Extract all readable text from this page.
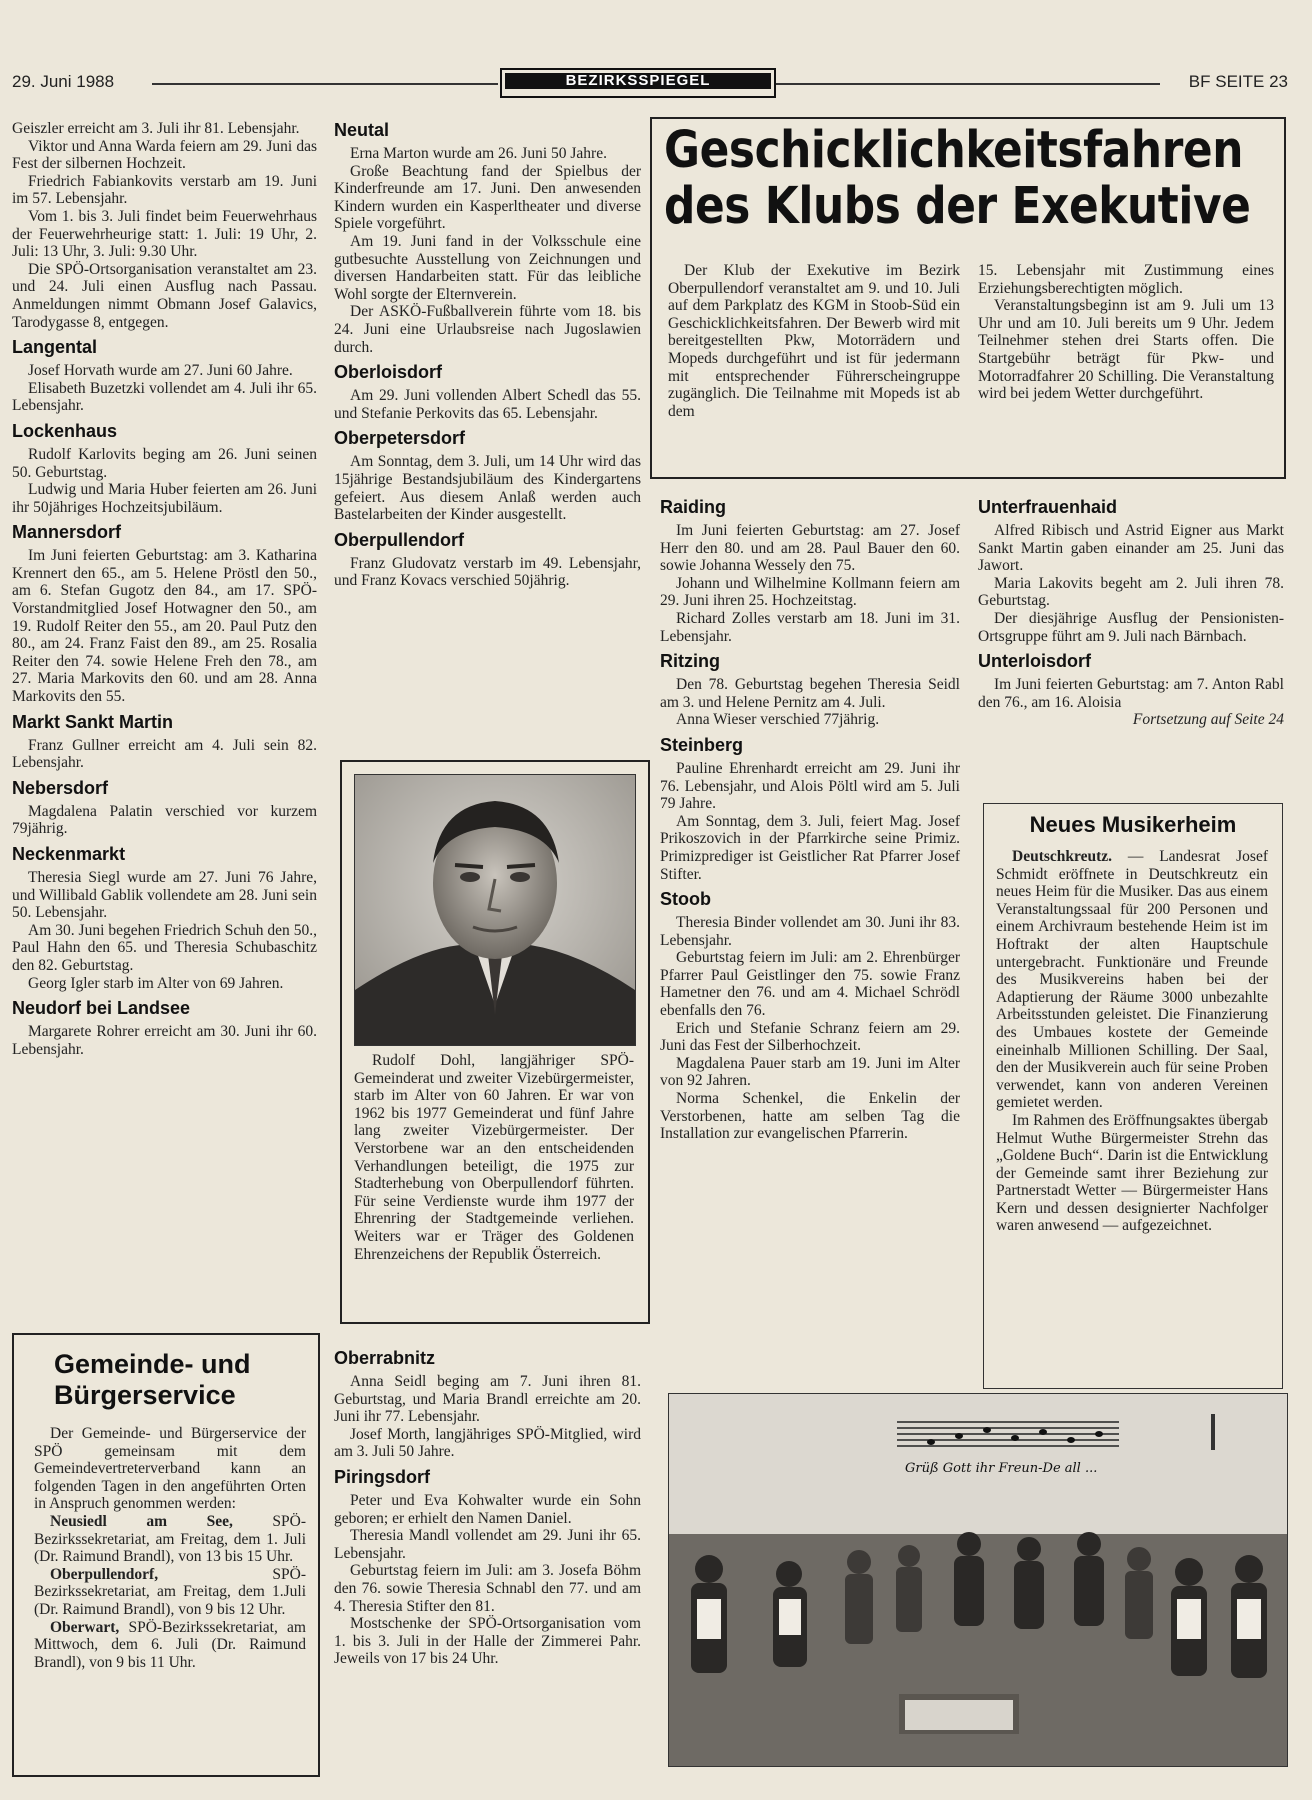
29. Juni 1988	BEZIRKSSPIEGEL	BF SEITE 23

Geiszler erreicht am 3. Juli ihr 81. Lebensjahr.

Viktor und Anna Warda feiern am 29. Juni das Fest der silbernen Hochzeit.

Friedrich Fabiankovits verstarb am 19. Juni im 57. Lebensjahr.

Vom 1. bis 3. Juli findet beim Feuerwehrhaus der Feuerwehrheurige statt: 1. Juli: 19 Uhr, 2. Juli: 13 Uhr, 3. Juli: 9.30 Uhr.

Die SPÖ-Ortsorganisation veranstaltet am 23. und 24. Juli einen Ausflug nach Passau. Anmeldungen nimmt Obmann Josef Galavics, Tarodygasse 8, entgegen.

Langental

Josef Horvath wurde am 27. Juni 60 Jahre.

Elisabeth Buzetzki vollendet am 4. Juli ihr 65. Lebensjahr.

Lockenhaus

Rudolf Karlovits beging am 26. Juni seinen 50. Geburtstag.

Ludwig und Maria Huber feierten am 26. Juni ihr 50jähriges Hochzeitsjubiläum.

Mannersdorf

Im Juni feierten Geburtstag: am 3. Katharina Krennert den 65., am 5. Helene Pröstl den 50., am 6. Stefan Gugotz den 84., am 17. SPÖ-Vorstandmitglied Josef Hotwagner den 50., am 19. Rudolf Reiter den 55., am 20. Paul Putz den 80., am 24. Franz Faist den 89., am 25. Rosalia Reiter den 74. sowie Helene Freh den 78., am 27. Maria Markovits den 60. und am 28. Anna Markovits den 55.

Markt Sankt Martin

Franz Gullner erreicht am 4. Juli sein 82. Lebensjahr.

Nebersdorf

Magdalena Palatin verschied vor kurzem 79jährig.

Neckenmarkt

Theresia Siegl wurde am 27. Juni 76 Jahre, und Willibald Gablik vollendete am 28. Juni sein 50. Lebensjahr.

Am 30. Juni begehen Friedrich Schuh den 50., Paul Hahn den 65. und Theresia Schubaschitz den 82. Geburtstag.

Georg Igler starb im Alter von 69 Jahren.

Neudorf bei Landsee

Margarete Rohrer erreicht am 30. Juni ihr 60. Lebensjahr.

Gemeinde- und
Bürgerservice

Der Gemeinde- und Bürgerservice der SPÖ gemeinsam mit dem Gemeindevertreterverband kann an folgenden Tagen in den angeführten Orten in Anspruch genommen werden:

Neusiedl am See, SPÖ-Bezirkssekretariat, am Freitag, dem 1. Juli (Dr. Raimund Brandl), von 13 bis 15 Uhr.

Oberpullendorf, SPÖ-Bezirkssekretariat, am Freitag, dem 1.Juli (Dr. Raimund Brandl), von 9 bis 12 Uhr.

Oberwart, SPÖ-Bezirkssekretariat, am Mittwoch, dem 6. Juli (Dr. Raimund Brandl), von 9 bis 11 Uhr.

Neutal

Erna Marton wurde am 26. Juni 50 Jahre.

Große Beachtung fand der Spielbus der Kinderfreunde am 17. Juni. Den anwesenden Kindern wurden ein Kasperltheater und diverse Spiele vorgeführt.

Am 19. Juni fand in der Volksschule eine gutbesuchte Ausstellung von Zeichnungen und diversen Handarbeiten statt. Für das leibliche Wohl sorgte der Elternverein.

Der ASKÖ-Fußballverein führte vom 18. bis 24. Juni eine Urlaubsreise nach Jugoslawien durch.

Oberloisdorf

Am 29. Juni vollenden Albert Schedl das 55. und Stefanie Perkovits das 65. Lebensjahr.

Oberpetersdorf

Am Sonntag, dem 3. Juli, um 14 Uhr wird das 15jährige Bestandsjubiläum des Kindergartens gefeiert. Aus diesem Anlaß werden auch Bastelarbeiten der Kinder ausgestellt.

Oberpullendorf

Franz Gludovatz verstarb im 49. Lebensjahr, und Franz Kovacs verschied 50jährig.

Rudolf Dohl, langjähriger SPÖ-Gemeinderat und zweiter Vizebürgermeister, starb im Alter von 60 Jahren. Er war von 1962 bis 1977 Gemeinderat und fünf Jahre lang zweiter Vizebürgermeister. Der Verstorbene war an den entscheidenden Verhandlungen beteiligt, die 1975 zur Stadterhebung von Oberpullendorf führten. Für seine Verdienste wurde ihm 1977 der Ehrenring der Stadtgemeinde verliehen. Weiters war er Träger des Goldenen Ehrenzeichens der Republik Österreich.

Oberrabnitz

Anna Seidl beging am 7. Juni ihren 81. Geburtstag, und Maria Brandl erreichte am 20. Juni ihr 77. Lebensjahr.

Josef Morth, langjähriges SPÖ-Mitglied, wird am 3. Juli 50 Jahre.

Piringsdorf

Peter und Eva Kohwalter wurde ein Sohn geboren; er erhielt den Namen Daniel.

Theresia Mandl vollendet am 29. Juni ihr 65. Lebensjahr.

Geburtstag feiern im Juli: am 3. Josefa Böhm den 76. sowie Theresia Schnabl den 77. und am 4. Theresia Stifter den 81.

Mostschenke der SPÖ-Ortsorganisation vom 1. bis 3. Juli in der Halle der Zimmerei Pahr. Jeweils von 17 bis 24 Uhr.

Geschicklichkeitsfahren
des Klubs der Exekutive

Der Klub der Exekutive im Bezirk Oberpullendorf veranstaltet am 9. und 10. Juli auf dem Parkplatz des KGM in Stoob-Süd ein Geschicklichkeitsfahren. Der Bewerb wird mit bereitgestellten Pkw, Motorrädern und Mopeds durchgeführt und ist für jedermann mit entsprechender Führerscheingruppe zugänglich. Die Teilnahme mit Mopeds ist ab dem

15. Lebensjahr mit Zustimmung eines Erziehungsberechtigten möglich.

Veranstaltungsbeginn ist am 9. Juli um 13 Uhr und am 10. Juli bereits um 9 Uhr. Jedem Teilnehmer stehen drei Starts offen. Die Startgebühr beträgt für Pkw- und Motorradfahrer 20 Schilling. Die Veranstaltung wird bei jedem Wetter durchgeführt.

Raiding

Im Juni feierten Geburtstag: am 27. Josef Herr den 80. und am 28. Paul Bauer den 60. sowie Johanna Wessely den 75.

Johann und Wilhelmine Kollmann feiern am 29. Juni ihren 25. Hochzeitstag.

Richard Zolles verstarb am 18. Juni im 31. Lebensjahr.

Ritzing

Den 78. Geburtstag begehen Theresia Seidl am 3. und Helene Pernitz am 4. Juli.

Anna Wieser verschied 77jährig.

Steinberg

Pauline Ehrenhardt erreicht am 29. Juni ihr 76. Lebensjahr, und Alois Pöltl wird am 5. Juli 79 Jahre.

Am Sonntag, dem 3. Juli, feiert Mag. Josef Prikoszovich in der Pfarrkirche seine Primiz. Primizprediger ist Geistlicher Rat Pfarrer Josef Stifter.

Stoob

Theresia Binder vollendet am 30. Juni ihr 83. Lebensjahr.

Geburtstag feiern im Juli: am 2. Ehrenbürger Pfarrer Paul Geistlinger den 75. sowie Franz Hametner den 76. und am 4. Michael Schrödl ebenfalls den 76.

Erich und Stefanie Schranz feiern am 29. Juni das Fest der Silberhochzeit.

Magdalena Pauer starb am 19. Juni im Alter von 92 Jahren.

Norma Schenkel, die Enkelin der Verstorbenen, hatte am selben Tag die Installation zur evangelischen Pfarrerin.

Unterfrauenhaid

Alfred Ribisch und Astrid Eigner aus Markt Sankt Martin gaben einander am 25. Juni das Jawort.

Maria Lakovits begeht am 2. Juli ihren 78. Geburtstag.

Der diesjährige Ausflug der Pensionisten-Ortsgruppe führt am 9. Juli nach Bärnbach.

Unterloisdorf

Im Juni feierten Geburtstag: am 7. Anton Rabl den 76., am 16. Aloisia

Fortsetzung auf Seite 24

Neues Musikerheim

Deutschkreutz. — Landesrat Josef Schmidt eröffnete in Deutschkreutz ein neues Heim für die Musiker. Das aus einem Veranstaltungssaal für 200 Personen und einem Archivraum bestehende Heim ist im Hoftrakt der alten Hauptschule untergebracht. Funktionäre und Freunde des Musikvereins haben bei der Adaptierung der Räume 3000 unbezahlte Arbeitsstunden geleistet. Die Finanzierung des Umbaues kostete der Gemeinde eineinhalb Millionen Schilling. Der Saal, den der Musikverein auch für seine Proben verwendet, kann von anderen Vereinen gemietet werden.

Im Rahmen des Eröffnungsaktes übergab Helmut Wuthe Bürgermeister Strehn das „Goldene Buch“. Darin ist die Entwicklung der Gemeinde samt ihrer Beziehung zur Partnerstadt Wetter — Bürgermeister Hans Kern und dessen designierter Nachfolger waren anwesend — aufgezeichnet.

Grüß Gott ihr Freun-De all ...
